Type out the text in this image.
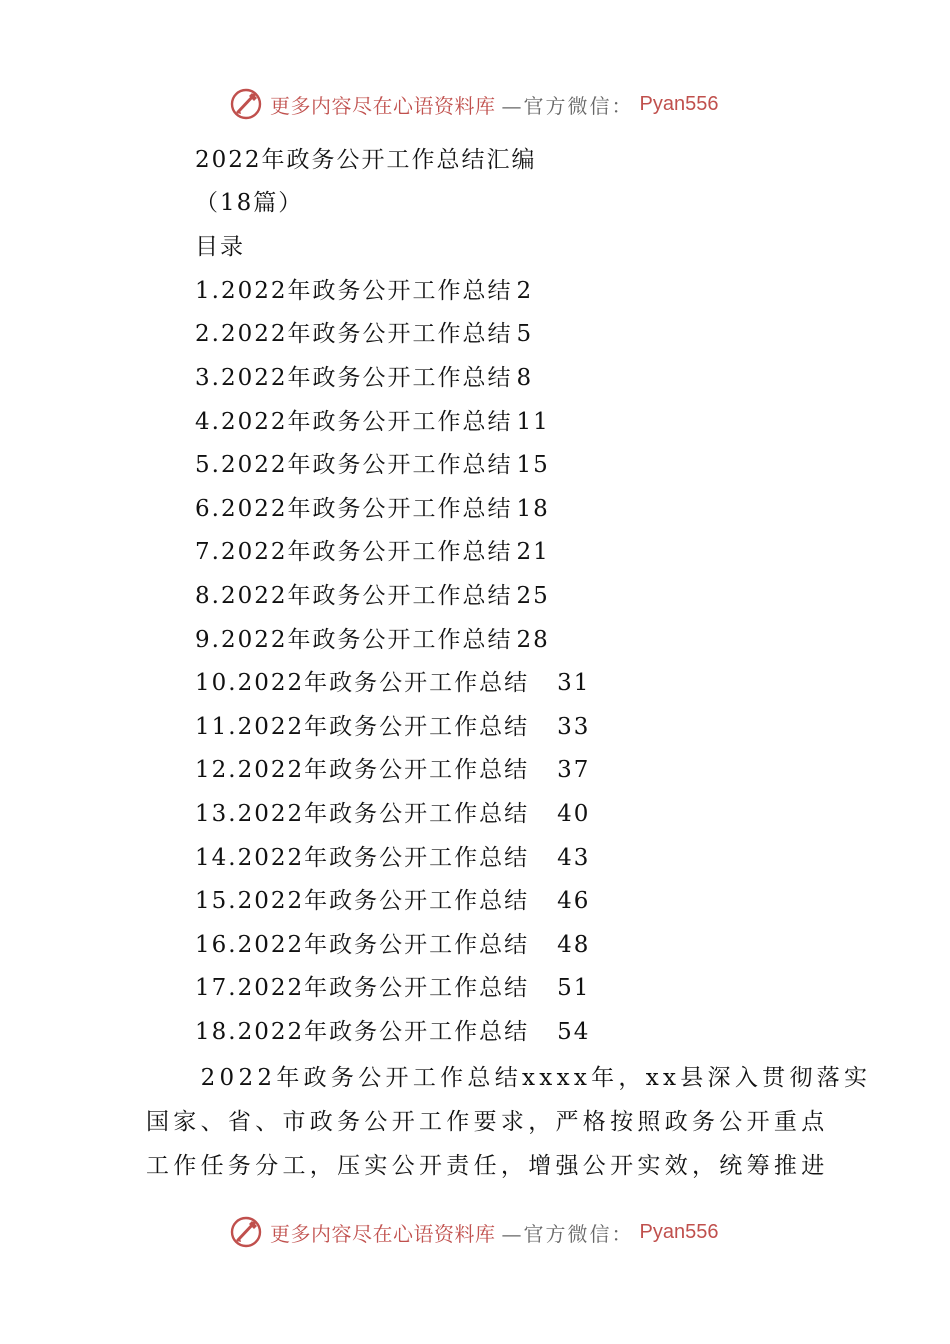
更多内容尽在心语资料库 —官方微信： Pyan556
2022年政务公开工作总结汇编
（18篇）
目录
1. 2022年政务公开工作总结 2
2. 2022年政务公开工作总结 5
3. 2022年政务公开工作总结 8
4. 2022年政务公开工作总结 11
5. 2022年政务公开工作总结 15
6. 2022年政务公开工作总结 18
7. 2022年政务公开工作总结 21
8. 2022年政务公开工作总结 25
9. 2022年政务公开工作总结 28
10. 2022年政务公开工作总结 31
11. 2022年政务公开工作总结 33
12. 2022年政务公开工作总结 37
13. 2022年政务公开工作总结 40
14. 2022年政务公开工作总结 43
15. 2022年政务公开工作总结 46
16. 2022年政务公开工作总结 48
17. 2022年政务公开工作总结 51
18. 2022年政务公开工作总结 54

　　2022年政务公开工作总结xxxx年，xx县深入贯彻落实

国家、省、市政务公开工作要求，严格按照政务公开重点

工作任务分工，压实公开责任，增强公开实效，统筹推进

更多内容尽在心语资料库 —官方微信： Pyan556
